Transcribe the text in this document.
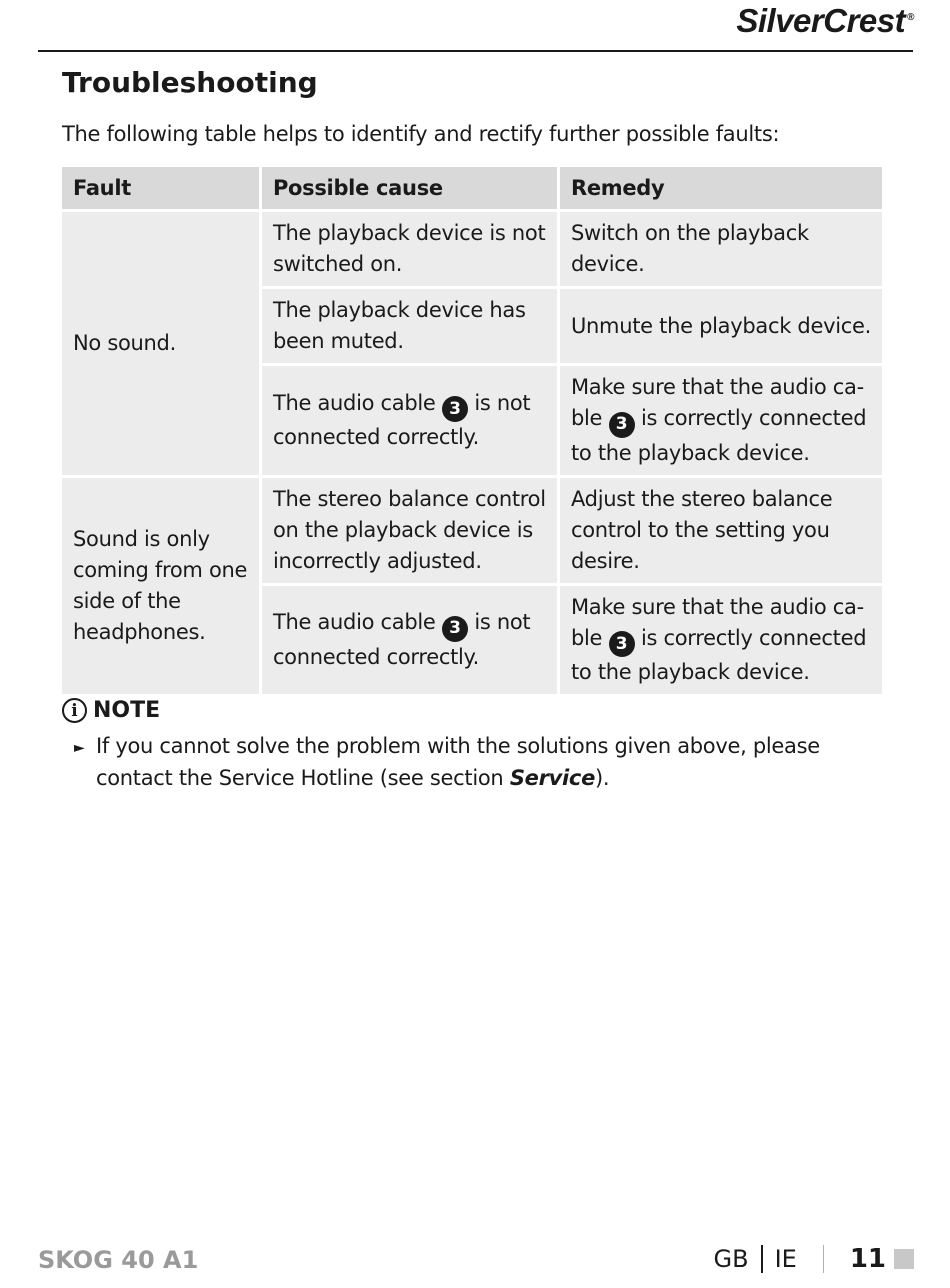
SilverCrest ®
Troubleshooting

The following table helps to identify and rectify further possible faults:

Fault	Possible cause	Remedy
No sound.	The playback device is not switched on.	Switch on the playback device.
	The playback device has been muted.	Unmute the playback device.
	The audio cable 3 is not connected correctly.	Make sure that the audio ca-ble 3 is correctly connected to the playback device.
Sound is only coming from one side of the headphones.	The stereo balance control on the playback device is incorrectly adjusted.	Adjust the stereo balance control to the setting you desire.
	The audio cable 3 is not connected correctly.	Make sure that the audio ca-ble 3 is correctly connected to the playback device.
i NOTE
► If you cannot solve the problem with the solutions given above, please contact the Service Hotline (see section Service).
SKOG 40 A1	GB IE 11
